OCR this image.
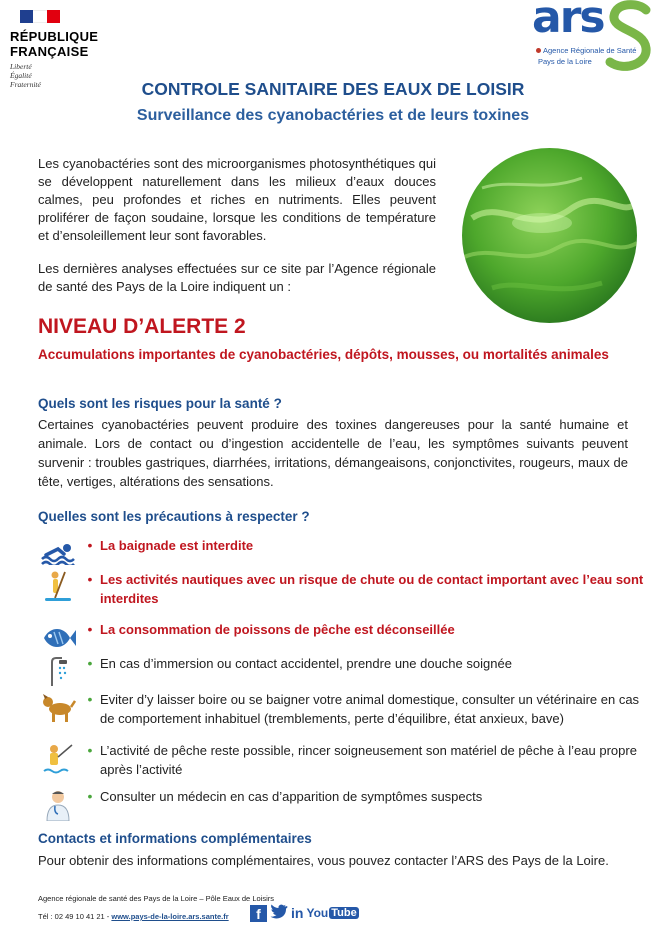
RÉPUBLIQUE
FRANÇAISE
Liberté
Égalité
Fraternité
ars
Agence Régionale de Santé
Pays de la Loire
CONTROLE SANITAIRE DES EAUX DE LOISIR
Surveillance des cyanobactéries et de leurs toxines
Les cyanobactéries sont des microorganismes photosynthétiques qui se développent naturellement dans les milieux d’eaux douces calmes, peu profondes et riches en nutriments. Elles peuvent proliférer de façon soudaine, lorsque les conditions de température et d’ensoleillement leur sont favorables.
Les dernières analyses effectuées sur ce site par l’Agence régionale de santé des Pays de la Loire indiquent un :
NIVEAU D’ALERTE 2
Accumulations importantes de cyanobactéries, dépôts, mousses, ou mortalités animales
Quels sont les risques pour la santé ?
Certaines cyanobactéries peuvent produire des toxines dangereuses pour la santé humaine et animale. Lors de contact ou d’ingestion accidentelle de l’eau, les symptômes suivants peuvent survenir : troubles gastriques, diarrhées, irritations, démangeaisons, conjonctivites, rougeurs, maux de tête, vertiges, altérations des sensations.
Quelles sont les précautions à respecter ?
• La baignade est interdite
• Les activités nautiques avec un risque de chute ou de contact important avec l’eau sont interdites
• La consommation de poissons de pêche est déconseillée
• En cas d’immersion ou contact accidentel, prendre une douche soignée
• Eviter d’y laisser boire ou se baigner votre animal domestique, consulter un vétérinaire en cas de comportement inhabituel (tremblements, perte d’équilibre, état anxieux, bave)
• L’activité de pêche reste possible, rincer soigneusement son matériel de pêche à l’eau propre après l’activité
• Consulter un médecin en cas d’apparition de symptômes suspects
Contacts et informations complémentaires
Pour obtenir des informations complémentaires, vous pouvez contacter l’ARS des Pays de la Loire.
Agence régionale de santé des Pays de la Loire – Pôle Eaux de Loisirs
Tél : 02 49 10 41 21 - www.pays-de-la-loire.ars.sante.fr	f	in You Tube
